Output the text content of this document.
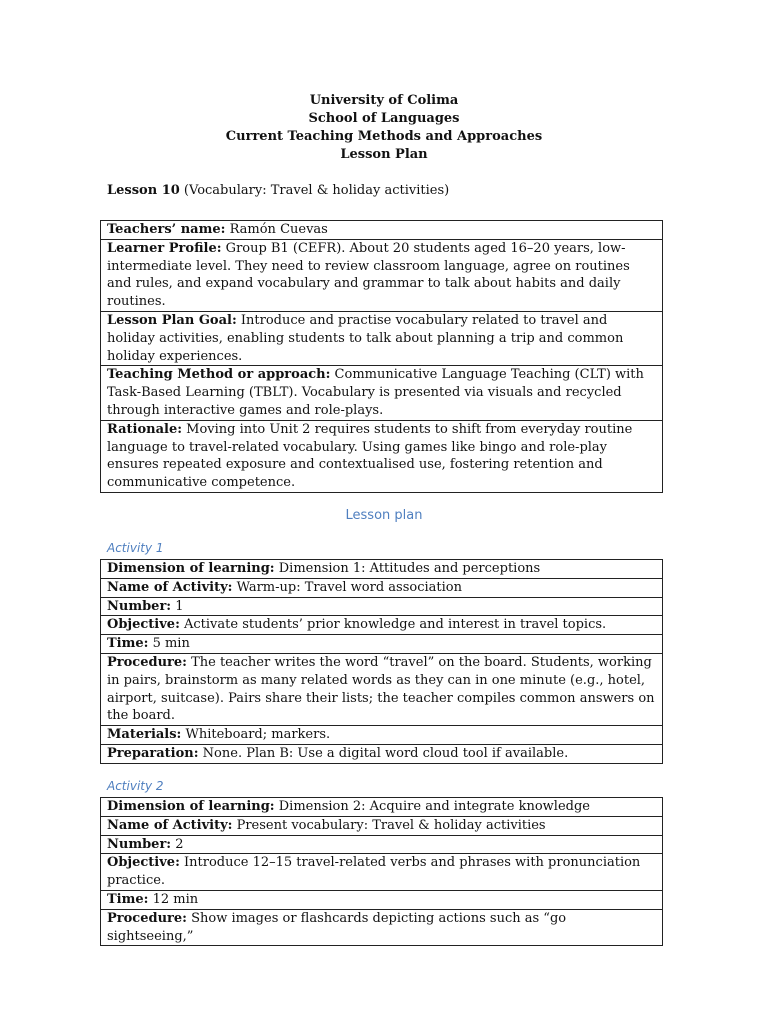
University of Colima
School of Languages
Current Teaching Methods and Approaches
Lesson Plan
Lesson 10 (Vocabulary: Travel & holiday activities)
Teachers’ name: Ramón Cuevas
Learner Profile: Group B1 (CEFR). About 20 students aged 16–20 years, low-intermediate level. They need to review classroom language, agree on routines and rules, and expand vocabulary and grammar to talk about habits and daily routines.
Lesson Plan Goal: Introduce and practise vocabulary related to travel and holiday activities, enabling students to talk about planning a trip and common holiday experiences.
Teaching Method or approach: Communicative Language Teaching (CLT) with Task-Based Learning (TBLT). Vocabulary is presented via visuals and recycled through interactive games and role-plays.
Rationale: Moving into Unit 2 requires students to shift from everyday routine language to travel-related vocabulary. Using games like bingo and role-play ensures repeated exposure and contextualised use, fostering retention and communicative competence.
Lesson plan
Activity 1
Dimension of learning: Dimension 1: Attitudes and perceptions
Name of Activity: Warm-up: Travel word association
Number: 1
Objective: Activate students’ prior knowledge and interest in travel topics.
Time: 5 min
Procedure: The teacher writes the word “travel” on the board. Students, working in pairs, brainstorm as many related words as they can in one minute (e.g., hotel, airport, suitcase). Pairs share their lists; the teacher compiles common answers on the board.
Materials: Whiteboard; markers.
Preparation: None. Plan B: Use a digital word cloud tool if available.
Activity 2
Dimension of learning: Dimension 2: Acquire and integrate knowledge
Name of Activity: Present vocabulary: Travel & holiday activities
Number: 2
Objective: Introduce 12–15 travel-related verbs and phrases with pronunciation practice.
Time: 12 min
Procedure: Show images or flashcards depicting actions such as “go sightseeing,”
